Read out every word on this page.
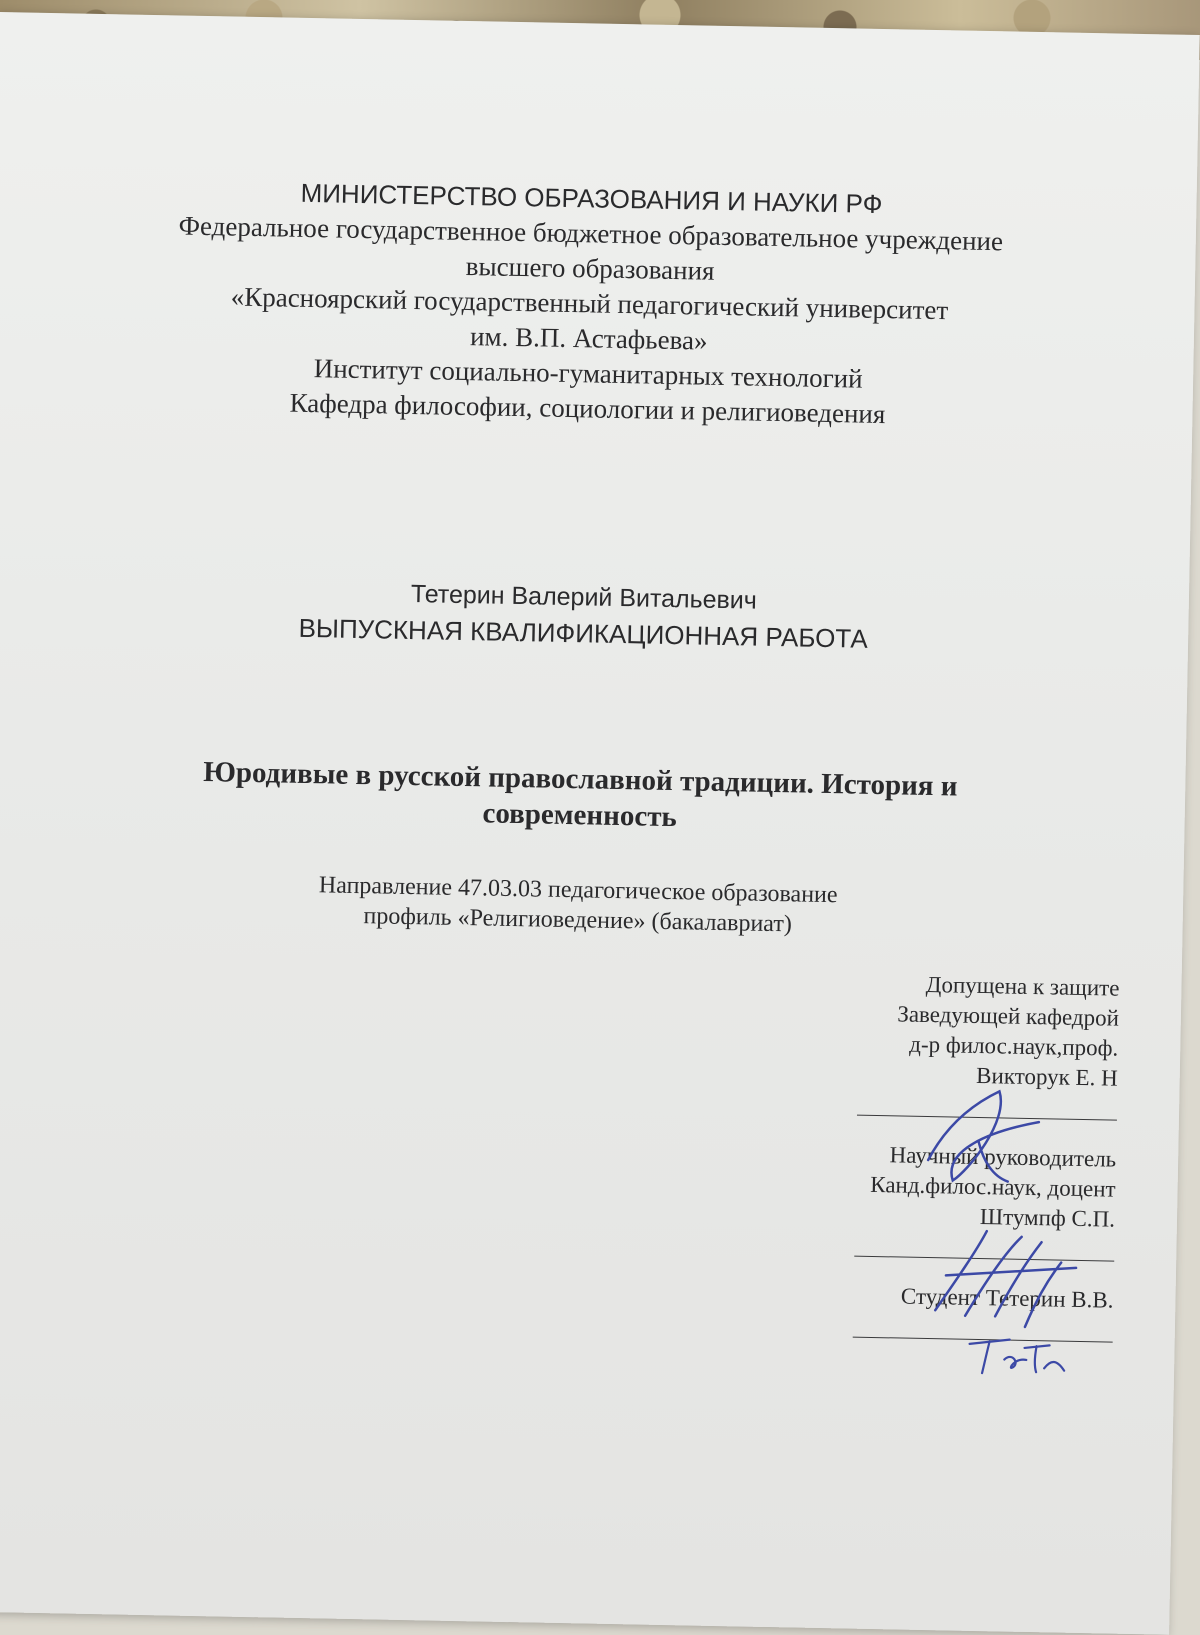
МИНИСТЕРСТВО ОБРАЗОВАНИЯ И НАУКИ РФ
Федеральное государственное бюджетное образовательное учреждение
высшего образования
«Красноярский государственный педагогический университет
им. В.П. Астафьева»
Институт социально-гуманитарных технологий
Кафедра философии, социологии и религиоведения
Тетерин Валерий Витальевич
ВЫПУСКНАЯ КВАЛИФИКАЦИОННАЯ РАБОТА
Юродивые в русской православной традиции. История и
современность
Направление 47.03.03 педагогическое образование
профиль «Религиоведение» (бакалавриат)
Допущена к защите
Заведующей кафедрой
д-р филос.наук,проф.
Викторук Е. Н
Научный руководитель
Канд.филос.наук, доцент
Штумпф С.П.
Студент Тетерин В.В.
